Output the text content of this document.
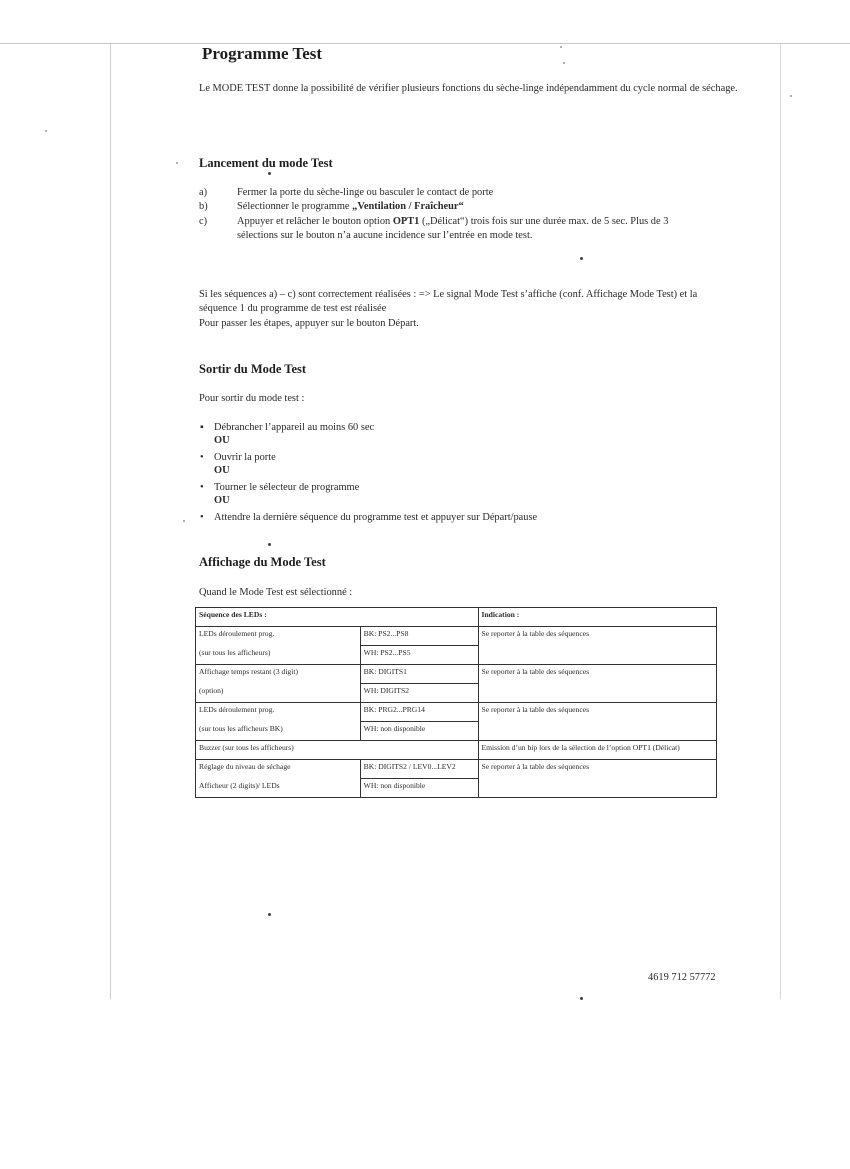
Programme Test

Le MODE TEST donne la possibilité de vérifier plusieurs fonctions du sèche-linge indépendamment du cycle normal de séchage.

Lancement du mode Test
a)	Fermer la porte du sèche-linge ou basculer le contact de porte
b)	Sélectionner le programme „Ventilation / Fraîcheur“
c)	Appuyer et relâcher le bouton option OPT1 („Délicat“) trois fois sur une durée max. de 5 sec. Plus de 3 sélections sur le bouton n’a aucune incidence sur l’entrée en mode test.

Si les séquences a) – c) sont correctement réalisées : => Le signal Mode Test s’affiche (conf. Affichage Mode Test) et la séquence 1 du programme de test est réalisée

Pour passer les étapes, appuyer sur le bouton Départ.

Sortir du Mode Test

Pour sortir du mode test :

▪ Débrancher l’appareil au moins 60 sec
OU
• Ouvrir la porte
OU
• Tourner le sélecteur de programme
OU
• Attendre la dernière séquence du programme test et appuyer sur Départ/pause
Affichage du Mode Test

Quand le Mode Test est sélectionné :

Séquence des LEDs :		Indication :
LEDs déroulement prog.	BK: PS2...PS8	Se reporter à la table des séquences
(sur tous les afficheurs)	WH: PS2...PS5	
Affichage temps restant (3 digit)	BK: DIGITS1	Se reporter à la table des séquences
(option)	WH: DIGITS2	
LEDs déroulement prog.	BK: PRG2...PRG14	Se reporter à la table des séquences
(sur tous les afficheurs BK)	WH: non disponible	
Buzzer (sur tous les afficheurs)		Emission d’un bip lors de la sélection de l’option OPT1 (Délicat)
Réglage du niveau de séchage	BK: DIGITS2 / LEV0...LEV2	Se reporter à la table des séquences
Afficheur (2 digits)/ LEDs	WH: non disponible	
4619 712 57772
